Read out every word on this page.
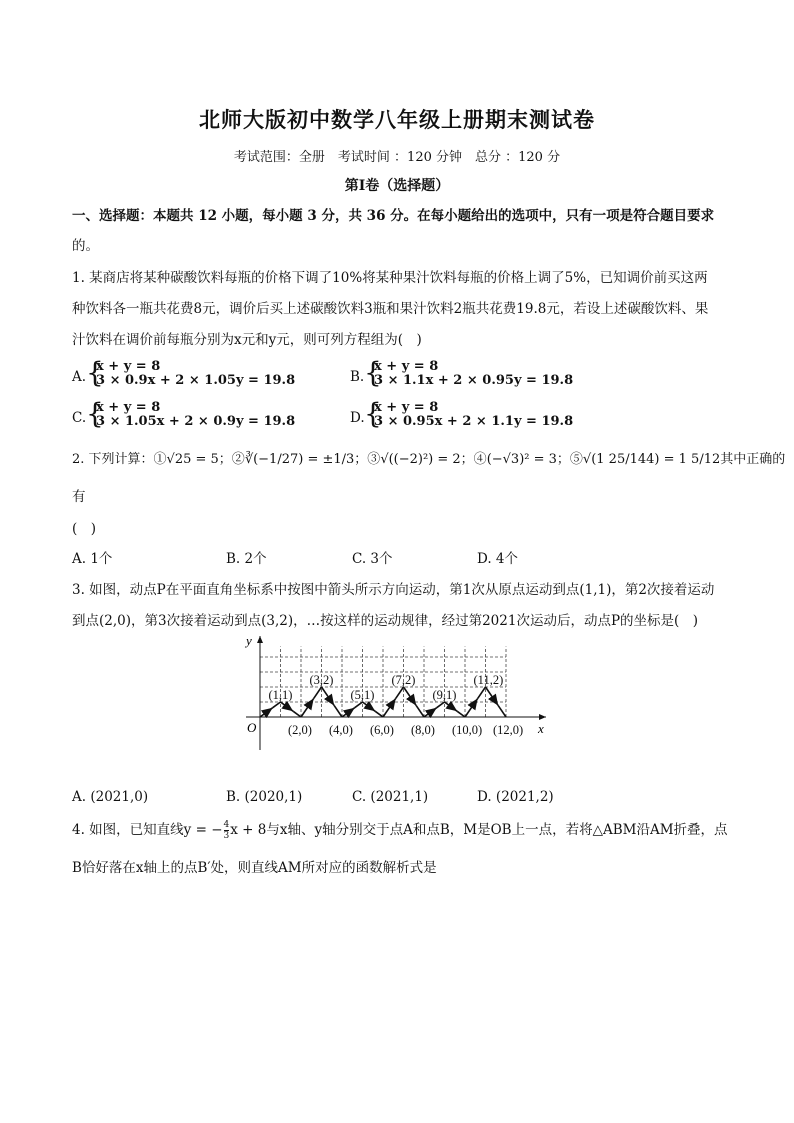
北师大版初中数学八年级上册期末测试卷
考试范围：全册　考试时间 ：120 分钟　总分 ：120 分
第Ⅰ卷（选择题）
一、选择题：本题共 12 小题，每小题 3 分，共 36 分。在每小题给出的选项中，只有一项是符合题目要求
的。
1. 某商店将某种碳酸饮料每瓶的价格下调了10%将某种果汁饮料每瓶的价格上调了5%，已知调价前买这两
种饮料各一瓶共花费8元，调价后买上述碳酸饮料3瓶和果汁饮料2瓶共花费19.8元，若设上述碳酸饮料、果
汁饮料在调价前每瓶分别为x元和y元，则可列方程组为(　)
A. {
x + y = 8
3 × 0.9x + 2 × 1.05y = 19.8	B. {
x + y = 8
3 × 1.1x + 2 × 0.95y = 19.8
C. {
x + y = 8
3 × 1.05x + 2 × 0.9y = 19.8	D. {
x + y = 8
3 × 0.95x + 2 × 1.1y = 19.8
2. 下列计算：①√25 = 5；②∛(−1/27) = ±1/3；③√((−2)²) = 2；④(−√3)² = 3；⑤√(1 25/144) = 1 5/12其中正确的
有
(　)
A. 1个	B. 2个	C. 3个	D. 4个
3. 如图，动点P在平面直角坐标系中按图中箭头所示方向运动，第1次从原点运动到点(1,1)，第2次接着运动
到点(2,0)，第3次接着运动到点(3,2)，…按这样的运动规律，经过第2021次运动后，动点P的坐标是(　)
x
y
O
(1,1)
(3,2)
(5,1)
(7,2)
(9,1)
(11,2)
(2,0) (4,0) (6,0) (8,0) (10,0) (12,0)
A. (2021,0)	B. (2020,1)	C. (2021,1)	D. (2021,2)
4. 如图，已知直线y = − $\frac{4}{3}$ x + 8与x轴、y轴分别交于点A和点B，M是OB上一点，若将△ABM沿AM折叠，点
B恰好落在x轴上的点B′处，则直线AM所对应的函数解析式是
